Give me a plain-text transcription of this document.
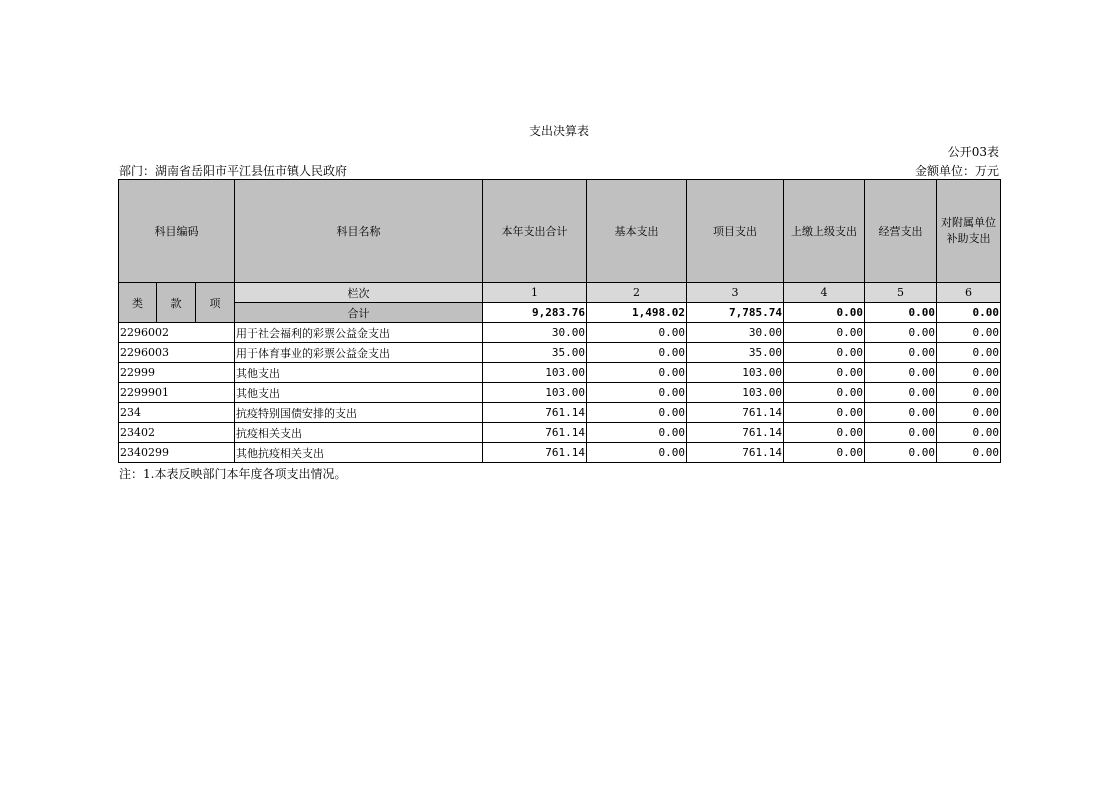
支出决算表
公开03表
部门：湖南省岳阳市平江县伍市镇人民政府	金额单位：万元
科目编码			科目名称	本年支出合计	基本支出	项目支出	上缴上级支出	经营支出	对附属单位补助支出
类	款	项	栏次	1	2	3	4	5	6
			合计	9,283.76	1,498.02	7,785.74	0.00	0.00	0.00
2296002			用于社会福利的彩票公益金支出	30.00	0.00	30.00	0.00	0.00	0.00
2296003			用于体育事业的彩票公益金支出	35.00	0.00	35.00	0.00	0.00	0.00
22999			其他支出	103.00	0.00	103.00	0.00	0.00	0.00
2299901			其他支出	103.00	0.00	103.00	0.00	0.00	0.00
234			抗疫特别国债安排的支出	761.14	0.00	761.14	0.00	0.00	0.00
23402			抗疫相关支出	761.14	0.00	761.14	0.00	0.00	0.00
2340299			其他抗疫相关支出	761.14	0.00	761.14	0.00	0.00	0.00
注：1.本表反映部门本年度各项支出情况。
